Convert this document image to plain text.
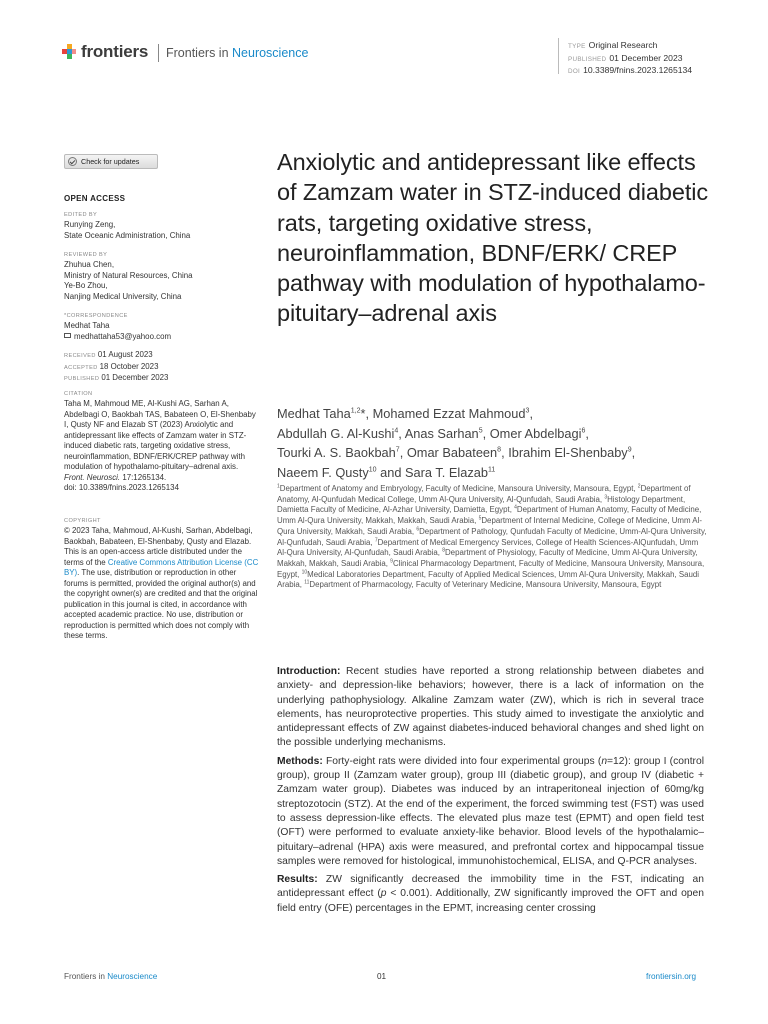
frontiers Frontiers in Neuroscience	TYPE Original Research
PUBLISHED 01 December 2023
DOI 10.3389/fnins.2023.1265134
Check for updates
OPEN ACCESS
EDITED BY
Runying Zeng,
State Oceanic Administration, China
REVIEWED BY
Zhuhua Chen,
Ministry of Natural Resources, China
Ye-Bo Zhou,
Nanjing Medical University, China
*CORRESPONDENCE
Medhat Taha
medhattaha53@yahoo.com
RECEIVED 01 August 2023
ACCEPTED 18 October 2023
PUBLISHED 01 December 2023
CITATION
Taha M, Mahmoud ME, Al-Kushi AG, Sarhan A, Abdelbagi O, Baokbah TAS, Babateen O, El-Shenbaby I, Qusty NF and Elazab ST (2023) Anxiolytic and antidepressant like effects of Zamzam water in STZ-induced diabetic rats, targeting oxidative stress, neuroinflammation, BDNF/ERK/CREP pathway with modulation of hypothalamo-pituitary–adrenal axis.
Front. Neurosci. 17:1265134.
doi: 10.3389/fnins.2023.1265134
COPYRIGHT
© 2023 Taha, Mahmoud, Al-Kushi, Sarhan, Abdelbagi, Baokbah, Babateen, El-Shenbaby, Qusty and Elazab. This is an open-access article distributed under the terms of the Creative Commons Attribution License (CC BY). The use, distribution or reproduction in other forums is permitted, provided the original author(s) and the copyright owner(s) are credited and that the original publication in this journal is cited, in accordance with accepted academic practice. No use, distribution or reproduction is permitted which does not comply with these terms.
Anxiolytic and antidepressant like effects of Zamzam water in STZ-induced diabetic rats, targeting oxidative stress, neuroinflammation, BDNF/ERK/ CREP pathway with modulation of hypothalamo-pituitary–adrenal axis
Medhat Taha$^{1,2}$*, Mohamed Ezzat Mahmoud$^3$,
Abdullah G. Al-Kushi$^4$, Anas Sarhan$^5$, Omer Abdelbagi$^6$,
Tourki A. S. Baokbah$^7$, Omar Babateen$^8$, Ibrahim El-Shenbaby$^9$,
Naeem F. Qusty$^{10}$ and Sara T. Elazab$^{11}$
$^1$Department of Anatomy and Embryology, Faculty of Medicine, Mansoura University, Mansoura, Egypt, $^2$Department of Anatomy, Al-Qunfudah Medical College, Umm Al-Qura University, Al-Qunfudah, Saudi Arabia, $^3$Histology Department, Damietta Faculty of Medicine, Al-Azhar University, Damietta, Egypt, $^4$Department of Human Anatomy, Faculty of Medicine, Umm Al-Qura University, Makkah, Makkah, Saudi Arabia, $^5$Department of Internal Medicine, College of Medicine, Umm Al-Qura University, Makkah, Saudi Arabia, $^6$Department of Pathology, Qunfudah Faculty of Medicine, Umm-Al-Qura University, Al-Qunfudah, Saudi Arabia, $^7$Department of Medical Emergency Services, College of Health Sciences-AlQunfudah, Umm Al-Qura University, Al-Qunfudah, Saudi Arabia, $^8$Department of Physiology, Faculty of Medicine, Umm Al-Qura University, Makkah, Makkah, Saudi Arabia, $^9$Clinical Pharmacology Department, Faculty of Medicine, Mansoura University, Mansoura, Egypt, $^{10}$Medical Laboratories Department, Faculty of Applied Medical Sciences, Umm Al-Qura University, Makkah, Saudi Arabia, $^{11}$Department of Pharmacology, Faculty of Veterinary Medicine, Mansoura University, Mansoura, Egypt

Introduction: Recent studies have reported a strong relationship between diabetes and anxiety- and depression-like behaviors; however, there is a lack of information on the underlying pathophysiology. Alkaline Zamzam water (ZW), which is rich in several trace elements, has neuroprotective properties. This study aimed to investigate the anxiolytic and antidepressant effects of ZW against diabetes-induced behavioral changes and shed light on the possible underlying mechanisms.

Methods: Forty-eight rats were divided into four experimental groups (n=12): group I (control group), group II (Zamzam water group), group III (diabetic group), and group IV (diabetic + Zamzam water group). Diabetes was induced by an intraperitoneal injection of 60mg/kg streptozotocin (STZ). At the end of the experiment, the forced swimming test (FST) was used to assess depression-like effects. The elevated plus maze test (EPMT) and open field test (OFT) were performed to evaluate anxiety-like behavior. Blood levels of the hypothalamic–pituitary–adrenal (HPA) axis were measured, and prefrontal cortex and hippocampal tissue samples were removed for histological, immunohistochemical, ELISA, and Q-PCR analyses.

Results: ZW significantly decreased the immobility time in the FST, indicating an antidepressant effect (p < 0.001). Additionally, ZW significantly improved the OFT and open field entry (OFE) percentages in the EPMT, increasing center crossing

Frontiers in Neuroscience	01	frontiersin.org
